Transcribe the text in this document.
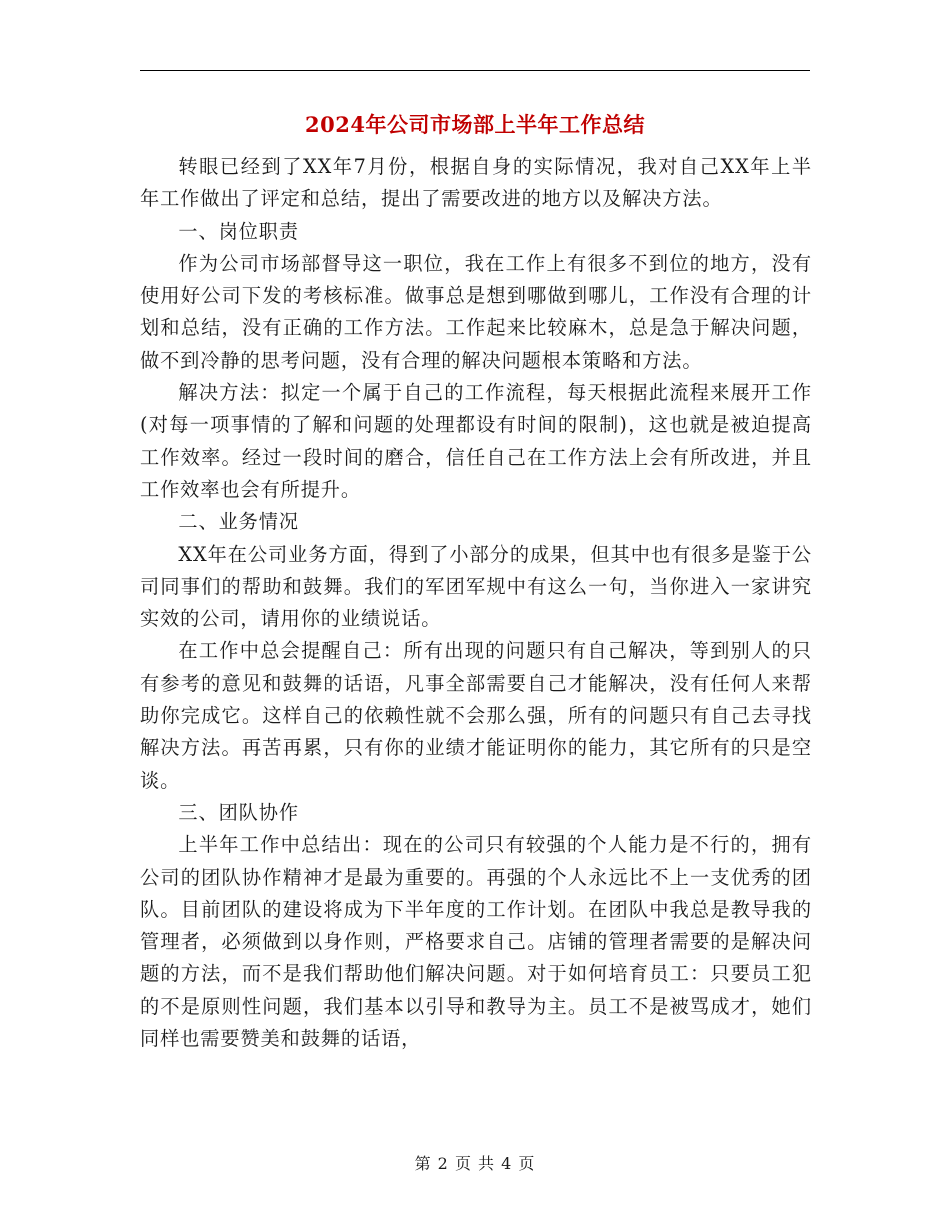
2024年公司市场部上半年工作总结

转眼已经到了XX年7月份，根据自身的实际情况，我对自己XX年上半年工作做出了评定和总结，提出了需要改进的地方以及解决方法。

一、岗位职责

作为公司市场部督导这一职位，我在工作上有很多不到位的地方，没有使用好公司下发的考核标准。做事总是想到哪做到哪儿，工作没有合理的计划和总结，没有正确的工作方法。工作起来比较麻木，总是急于解决问题，做不到冷静的思考问题，没有合理的解决问题根本策略和方法。

解决方法：拟定一个属于自己的工作流程，每天根据此流程来展开工作(对每一项事情的了解和问题的处理都设有时间的限制)，这也就是被迫提高工作效率。经过一段时间的磨合，信任自己在工作方法上会有所改进，并且工作效率也会有所提升。

二、业务情况

XX年在公司业务方面，得到了小部分的成果，但其中也有很多是鉴于公司同事们的帮助和鼓舞。我们的军团军规中有这么一句，当你进入一家讲究实效的公司，请用你的业绩说话。

在工作中总会提醒自己：所有出现的问题只有自己解决，等到别人的只有参考的意见和鼓舞的话语，凡事全部需要自己才能解决，没有任何人来帮助你完成它。这样自己的依赖性就不会那么强，所有的问题只有自己去寻找解决方法。再苦再累，只有你的业绩才能证明你的能力，其它所有的只是空谈。

三、团队协作

上半年工作中总结出：现在的公司只有较强的个人能力是不行的，拥有公司的团队协作精神才是最为重要的。再强的个人永远比不上一支优秀的团队。目前团队的建设将成为下半年度的工作计划。在团队中我总是教导我的管理者，必须做到以身作则，严格要求自己。店铺的管理者需要的是解决问题的方法，而不是我们帮助他们解决问题。对于如何培育员工：只要员工犯的不是原则性问题，我们基本以引导和教导为主。员工不是被骂成才，她们同样也需要赞美和鼓舞的话语，

第 2 页 共 4 页
